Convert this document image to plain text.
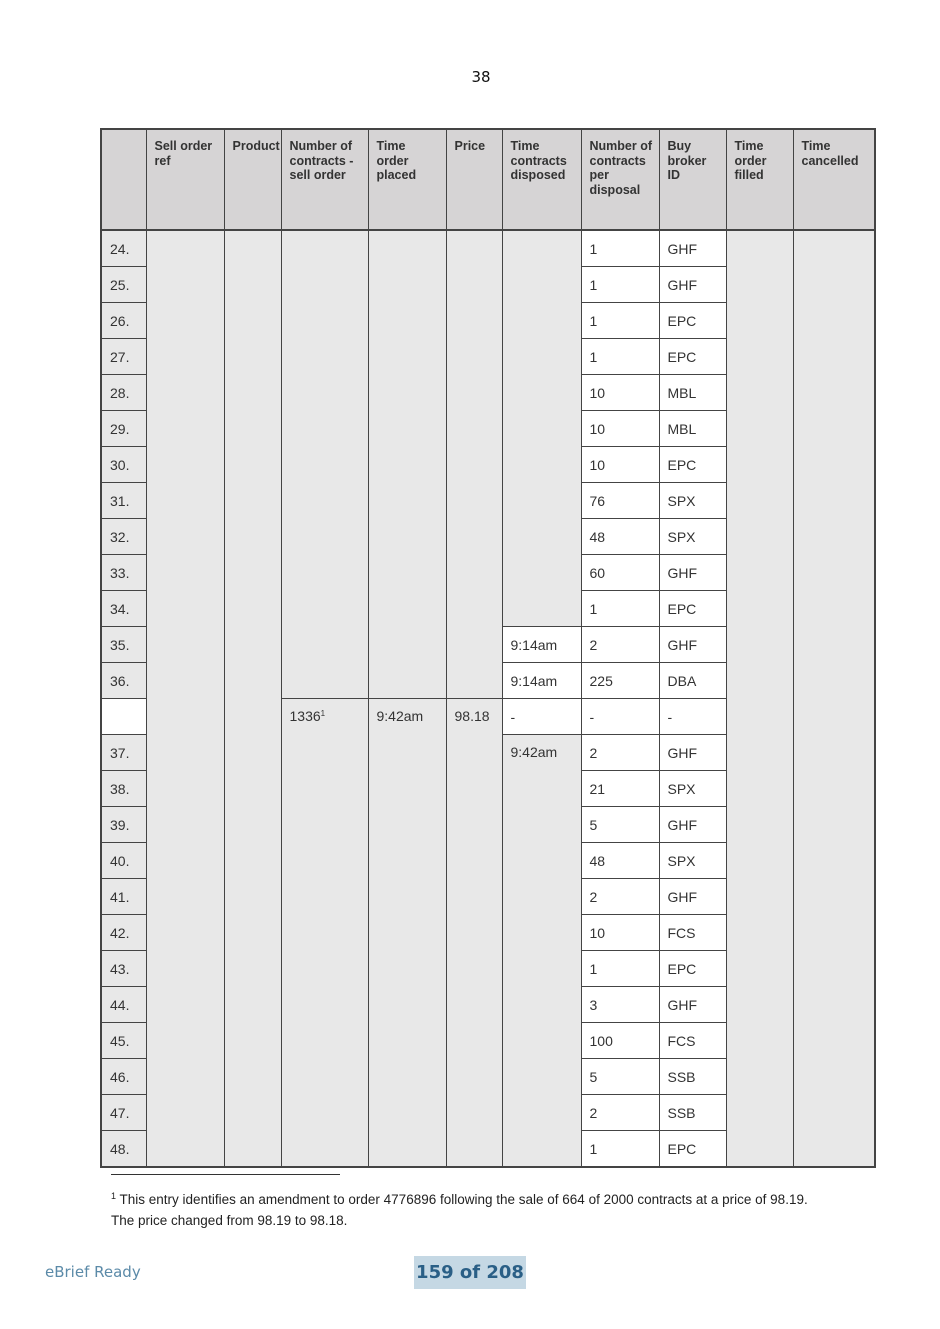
38
	Sell order ref	Product	Number of contracts - sell order	Time order placed	Price	Time contracts disposed	Number of contracts per disposal	Buy broker ID	Time order filled	Time cancelled
24.							1	GHF		
25.							1	GHF		
26.							1	EPC		
27.							1	EPC		
28.							10	MBL		
29.							10	MBL		
30.							10	EPC		
31.							76	SPX		
32.							48	SPX		
33.							60	GHF		
34.							1	EPC		
35.						9:14am	2	GHF		
36.						9:14am	225	DBA		
			1336$^1$	9:42am	98.18	-	-	-		
37.						9:42am	2	GHF		
38.							21	SPX		
39.							5	GHF		
40.							48	SPX		
41.							2	GHF		
42.							10	FCS		
43.							1	EPC		
44.							3	GHF		
45.							100	FCS		
46.							5	SSB		
47.							2	SSB		
48.							1	EPC		
$^1$ This entry identifies an amendment to order 4776896 following the sale of 664 of 2000 contracts at a price of 98.19.
The price changed from 98.19 to 98.18.
eBrief Ready	159 of 208
